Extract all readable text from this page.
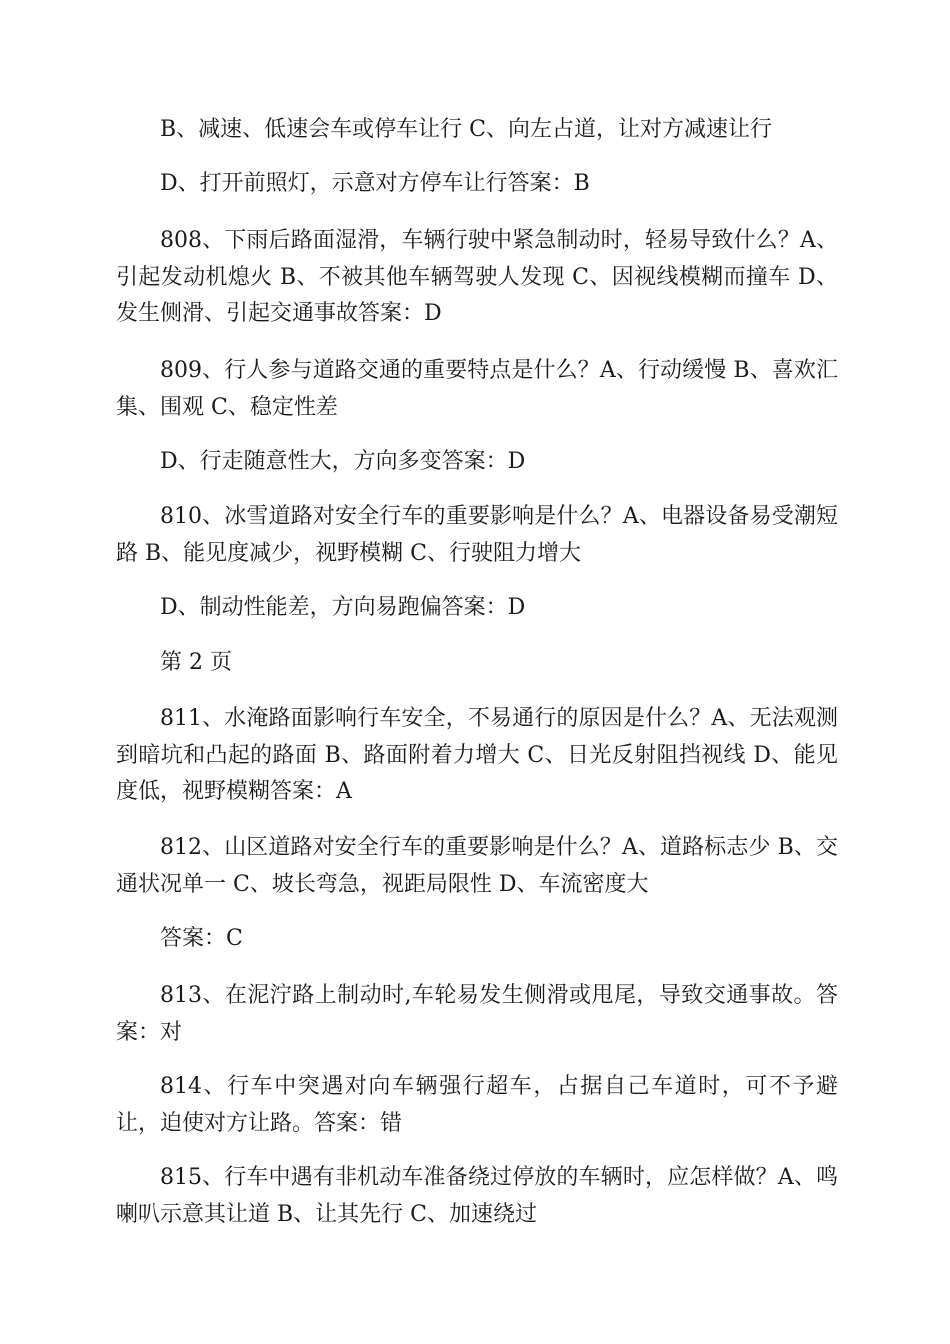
B、减速、低速会车或停车让行 C、向左占道，让对方减速让行

D、打开前照灯，示意对方停车让行答案：B

808、下雨后路面湿滑，车辆行驶中紧急制动时，轻易导致什么？A、引起发动机熄火 B、不被其他车辆驾驶人发现 C、因视线模糊而撞车 D、发生侧滑、引起交通事故答案：D

809、行人参与道路交通的重要特点是什么？A、行动缓慢 B、喜欢汇集、围观 C、稳定性差

D、行走随意性大，方向多变答案：D

810、冰雪道路对安全行车的重要影响是什么？A、电器设备易受潮短路 B、能见度减少，视野模糊 C、行驶阻力增大

D、制动性能差，方向易跑偏答案：D

第 2 页

811、水淹路面影响行车安全，不易通行的原因是什么？A、无法观测到暗坑和凸起的路面 B、路面附着力增大 C、日光反射阻挡视线 D、能见度低，视野模糊答案：A

812、山区道路对安全行车的重要影响是什么？A、道路标志少 B、交通状况单一 C、坡长弯急，视距局限性 D、车流密度大

答案：C

813、在泥泞路上制动时,车轮易发生侧滑或甩尾，导致交通事故。答案：对

814、行车中突遇对向车辆强行超车，占据自己车道时，可不予避让，迫使对方让路。答案：错

815、行车中遇有非机动车准备绕过停放的车辆时，应怎样做？A、鸣喇叭示意其让道 B、让其先行 C、加速绕过
